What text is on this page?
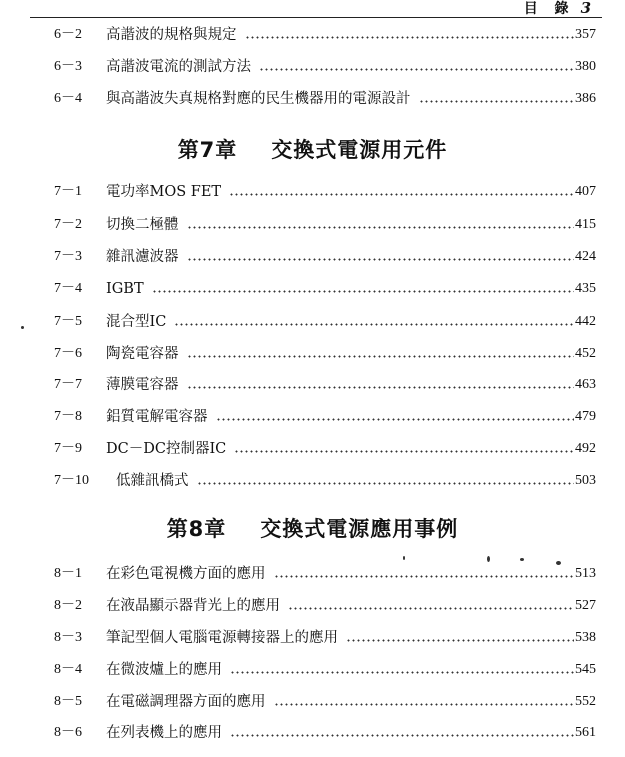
目 錄 3
6－2	高諧波的規格與規定	357
6－3	高諧波電流的測試方法	380
6－4	與高諧波失真規格對應的民生機器用的電源設計	386
第7章 交換式電源用元件
7－1	電功率MOS FET	407
7－2	切換二極體	415
7－3	雜訊濾波器	424
7－4	IGBT	435
7－5	混合型IC	442
7－6	陶瓷電容器	452
7－7	薄膜電容器	463
7－8	鋁質電解電容器	479
7－9	DC－DC控制器IC	492
7－10	低雜訊橋式	503
第8章 交換式電源應用事例
8－1	在彩色電視機方面的應用	513
8－2	在液晶顯示器背光上的應用	527
8－3	筆記型個人電腦電源轉接器上的應用	538
8－4	在微波爐上的應用	545
8－5	在電磁調理器方面的應用	552
8－6	在列表機上的應用	561
